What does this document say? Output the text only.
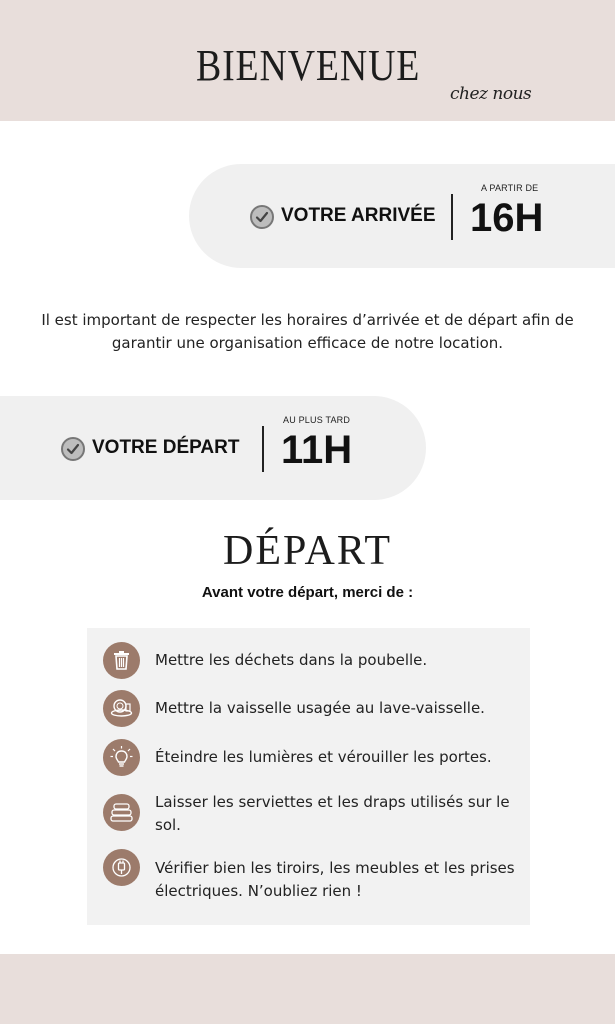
BIENVENUE
chez nous
VOTRE ARRIVÉE
A PARTIR DE
16H
Il est important de respecter les horaires d’arrivée et de départ afin de garantir une organisation efficace de notre location.
VOTRE DÉPART
AU PLUS TARD
11H
DÉPART
Avant votre départ, merci de :
Mettre les déchets dans la poubelle.
Mettre la vaisselle usagée au lave-vaisselle.
Éteindre les lumières et vérouiller les portes.
Laisser les serviettes et les draps utilisés sur le sol.
Vérifier bien les tiroirs, les meubles et les prises électriques. N’oubliez rien !
